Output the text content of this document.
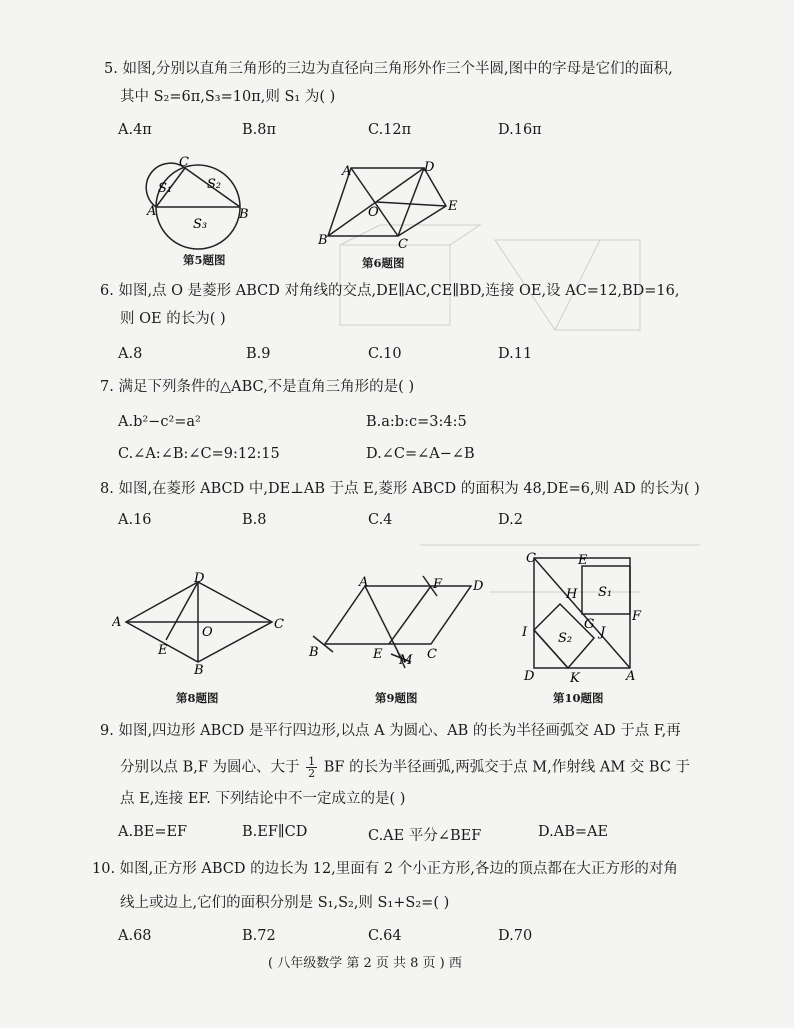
5. 如图,分别以直角三角形的三边为直径向三角形外作三个半圆,图中的字母是它们的面积,
其中 S₂=6π,S₃=10π,则 S₁ 为( )
A.4π	B.8π	C.12π	D.16π
C
A	B
S₁	S₂
S₃
第5题图
A	D
E
O
B	C
第6题图
6. 如图,点 O 是菱形 ABCD 对角线的交点,DE∥AC,CE∥BD,连接 OE,设 AC=12,BD=16,
则 OE 的长为( )
A.8	B.9	C.10	D.11
7. 满足下列条件的△ABC,不是直角三角形的是( )
A.b²−c²=a²	B.a:b:c=3:4:5
C.∠A:∠B:∠C=9:12:15	D.∠C=∠A−∠B
8. 如图,在菱形 ABCD 中,DE⊥AB 于点 E,菱形 ABCD 的面积为 48,DE=6,则 AD 的长为( )
A.16	B.8	C.4	D.2
A
D
C
O
E
B
第8题图
A	D
F
B	E	C
M
第9题图
C	E
H S₁
F
G
I S₂ J
D	K	A
第10题图
9. 如图,四边形 ABCD 是平行四边形,以点 A 为圆心、AB 的长为半径画弧交 AD 于点 F,再
分别以点 B,F 为圆心、大于 $\frac{1}{2}$ BF 的长为半径画弧,两弧交于点 M,作射线 AM 交 BC 于
点 E,连接 EF. 下列结论中不一定成立的是( )
A.BE=EF	B.EF∥CD	C.AE 平分∠BEF	D.AB=AE
10. 如图,正方形 ABCD 的边长为 12,里面有 2 个小正方形,各边的顶点都在大正方形的对角
线上或边上,它们的面积分别是 S₁,S₂,则 S₁+S₂=( )
A.68	B.72	C.64	D.70
( 八年级数学 第 2 页 共 8 页 ) 西
